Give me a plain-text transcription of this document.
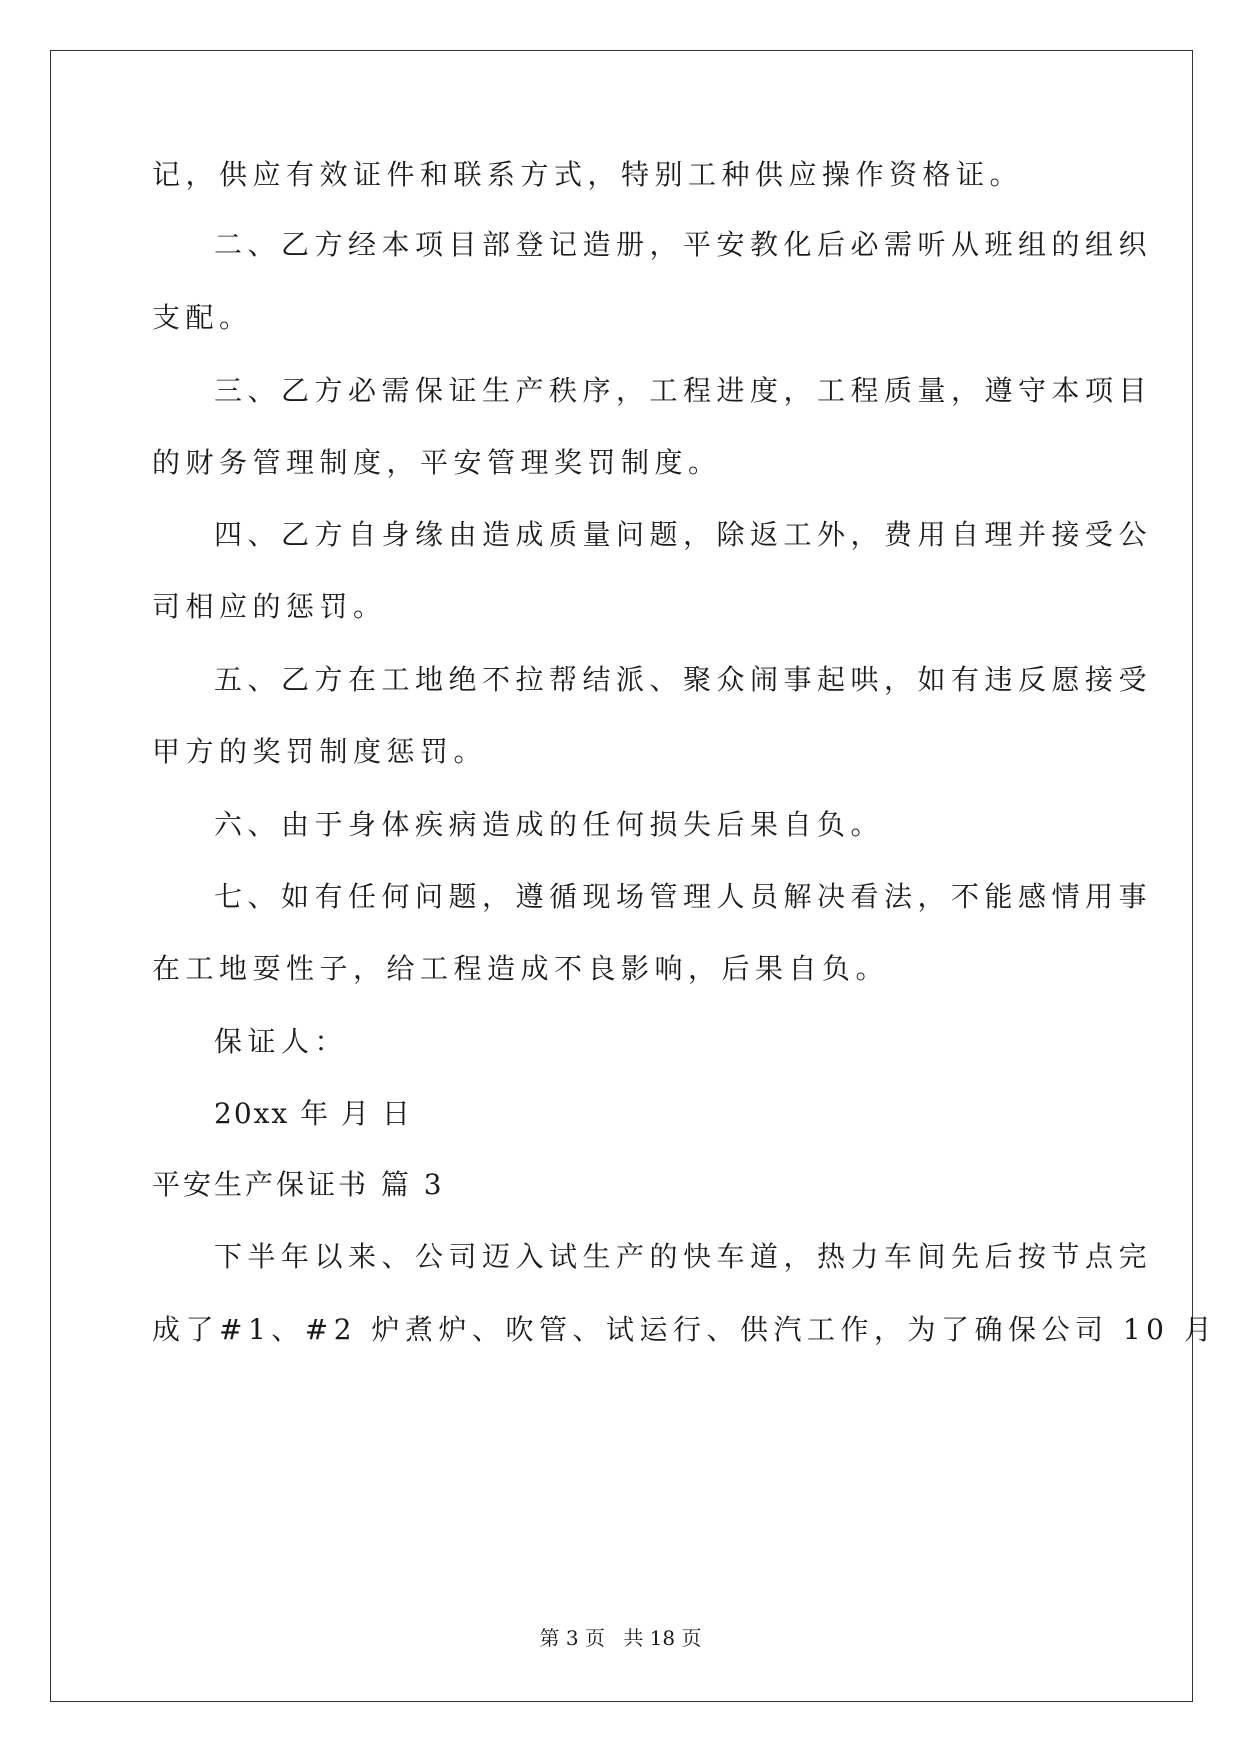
记，供应有效证件和联系方式，特别工种供应操作资格证。
二、乙方经本项目部登记造册，平安教化后必需听从班组的组织
支配。
三、乙方必需保证生产秩序，工程进度，工程质量，遵守本项目
的财务管理制度，平安管理奖罚制度。
四、乙方自身缘由造成质量问题，除返工外，费用自理并接受公
司相应的惩罚。
五、乙方在工地绝不拉帮结派、聚众闹事起哄，如有违反愿接受
甲方的奖罚制度惩罚。
六、由于身体疾病造成的任何损失后果自负。
七、如有任何问题，遵循现场管理人员解决看法，不能感情用事
在工地耍性子，给工程造成不良影响，后果自负。
保证人：
20xx 年 月 日
平安生产保证书 篇 3
下半年以来、公司迈入试生产的快车道，热力车间先后按节点完
成了#1、#2 炉煮炉、吹管、试运行、供汽工作，为了确保公司 10 月
第 3 页 共 18 页
